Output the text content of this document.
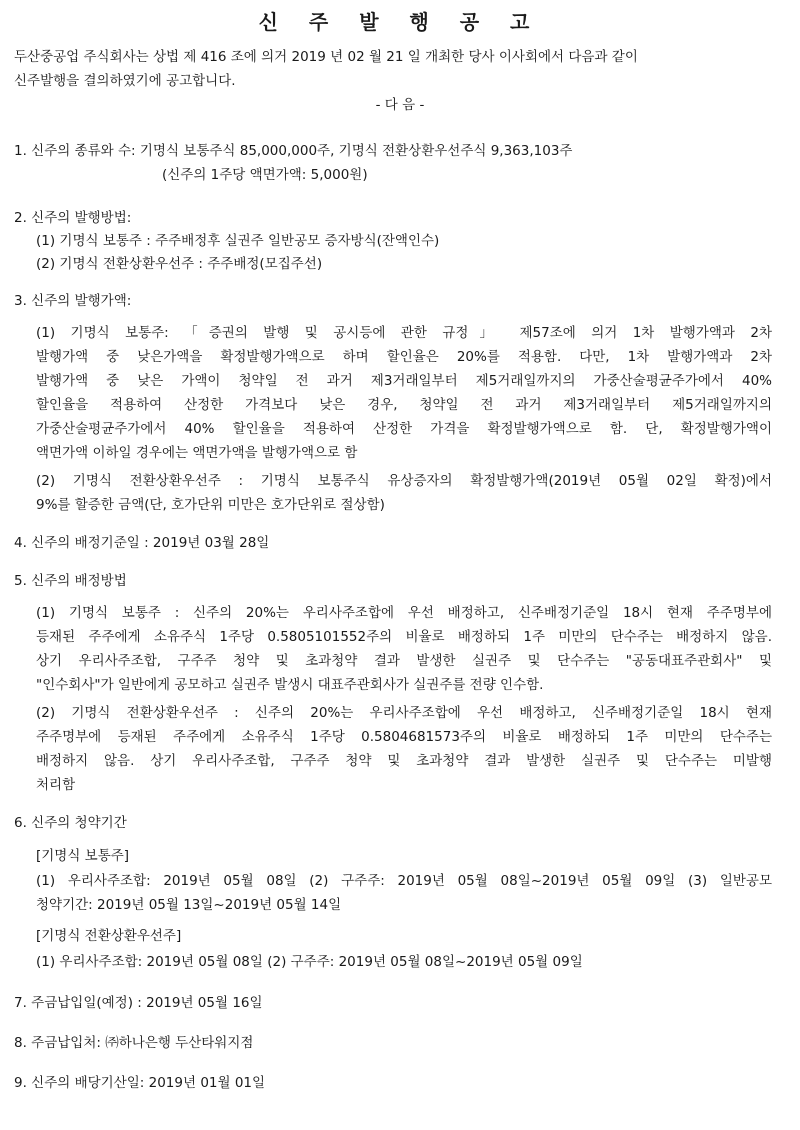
신 주 발 행 공 고

두산중공업 주식회사는 상법 제 416 조에 의거 2019 년 02 월 21 일 개최한 당사 이사회에서 다음과 같이

신주발행을 결의하였기에 공고합니다.

- 다 음 -

1. 신주의 종류와 수: 기명식 보통주식 85,000,000주, 기명식 전환상환우선주식 9,363,103주

(신주의 1주당 액면가액: 5,000원)

2. 신주의 발행방법:

(1) 기명식 보통주 : 주주배정후 실권주 일반공모 증자방식(잔액인수)

(2) 기명식 전환상환우선주 : 주주배정(모집주선)

3. 신주의 발행가액:

(1) 기명식 보통주: 「증권의 발행 및 공시등에 관한 규정」 제57조에 의거 1차 발행가액과 2차

발행가액 중 낮은가액을 확정발행가액으로 하며 할인율은 20%를 적용함. 다만, 1차 발행가액과 2차

발행가액 중 낮은 가액이 청약일 전 과거 제3거래일부터 제5거래일까지의 가중산술평균주가에서 40%

할인율을 적용하여 산정한 가격보다 낮은 경우, 청약일 전 과거 제3거래일부터 제5거래일까지의

가중산술평균주가에서 40% 할인율을 적용하여 산정한 가격을 확정발행가액으로 함. 단, 확정발행가액이

액면가액 이하일 경우에는 액면가액을 발행가액으로 함

(2) 기명식 전환상환우선주 : 기명식 보통주식 유상증자의 확정발행가액(2019년 05월 02일 확정)에서

9%를 할증한 금액(단, 호가단위 미만은 호가단위로 절상함)

4. 신주의 배정기준일 : 2019년 03월 28일

5. 신주의 배정방법

(1) 기명식 보통주 : 신주의 20%는 우리사주조합에 우선 배정하고, 신주배정기준일 18시 현재 주주명부에

등재된 주주에게 소유주식 1주당 0.5805101552주의 비율로 배정하되 1주 미만의 단수주는 배정하지 않음.

상기 우리사주조합, 구주주 청약 및 초과청약 결과 발생한 실권주 및 단수주는 "공동대표주관회사" 및

"인수회사"가 일반에게 공모하고 실권주 발생시 대표주관회사가 실권주를 전량 인수함.

(2) 기명식 전환상환우선주 : 신주의 20%는 우리사주조합에 우선 배정하고, 신주배정기준일 18시 현재

주주명부에 등재된 주주에게 소유주식 1주당 0.5804681573주의 비율로 배정하되 1주 미만의 단수주는

배정하지 않음. 상기 우리사주조합, 구주주 청약 및 초과청약 결과 발생한 실권주 및 단수주는 미발행

처리함

6. 신주의 청약기간

[기명식 보통주]

(1) 우리사주조합: 2019년 05월 08일 (2) 구주주: 2019년 05월 08일~2019년 05월 09일 (3) 일반공모

청약기간: 2019년 05월 13일~2019년 05월 14일

[기명식 전환상환우선주]

(1) 우리사주조합: 2019년 05월 08일 (2) 구주주: 2019년 05월 08일~2019년 05월 09일

7. 주금납입일(예정) : 2019년 05월 16일

8. 주금납입처: ㈜하나은행 두산타워지점

9. 신주의 배당기산일: 2019년 01월 01일
